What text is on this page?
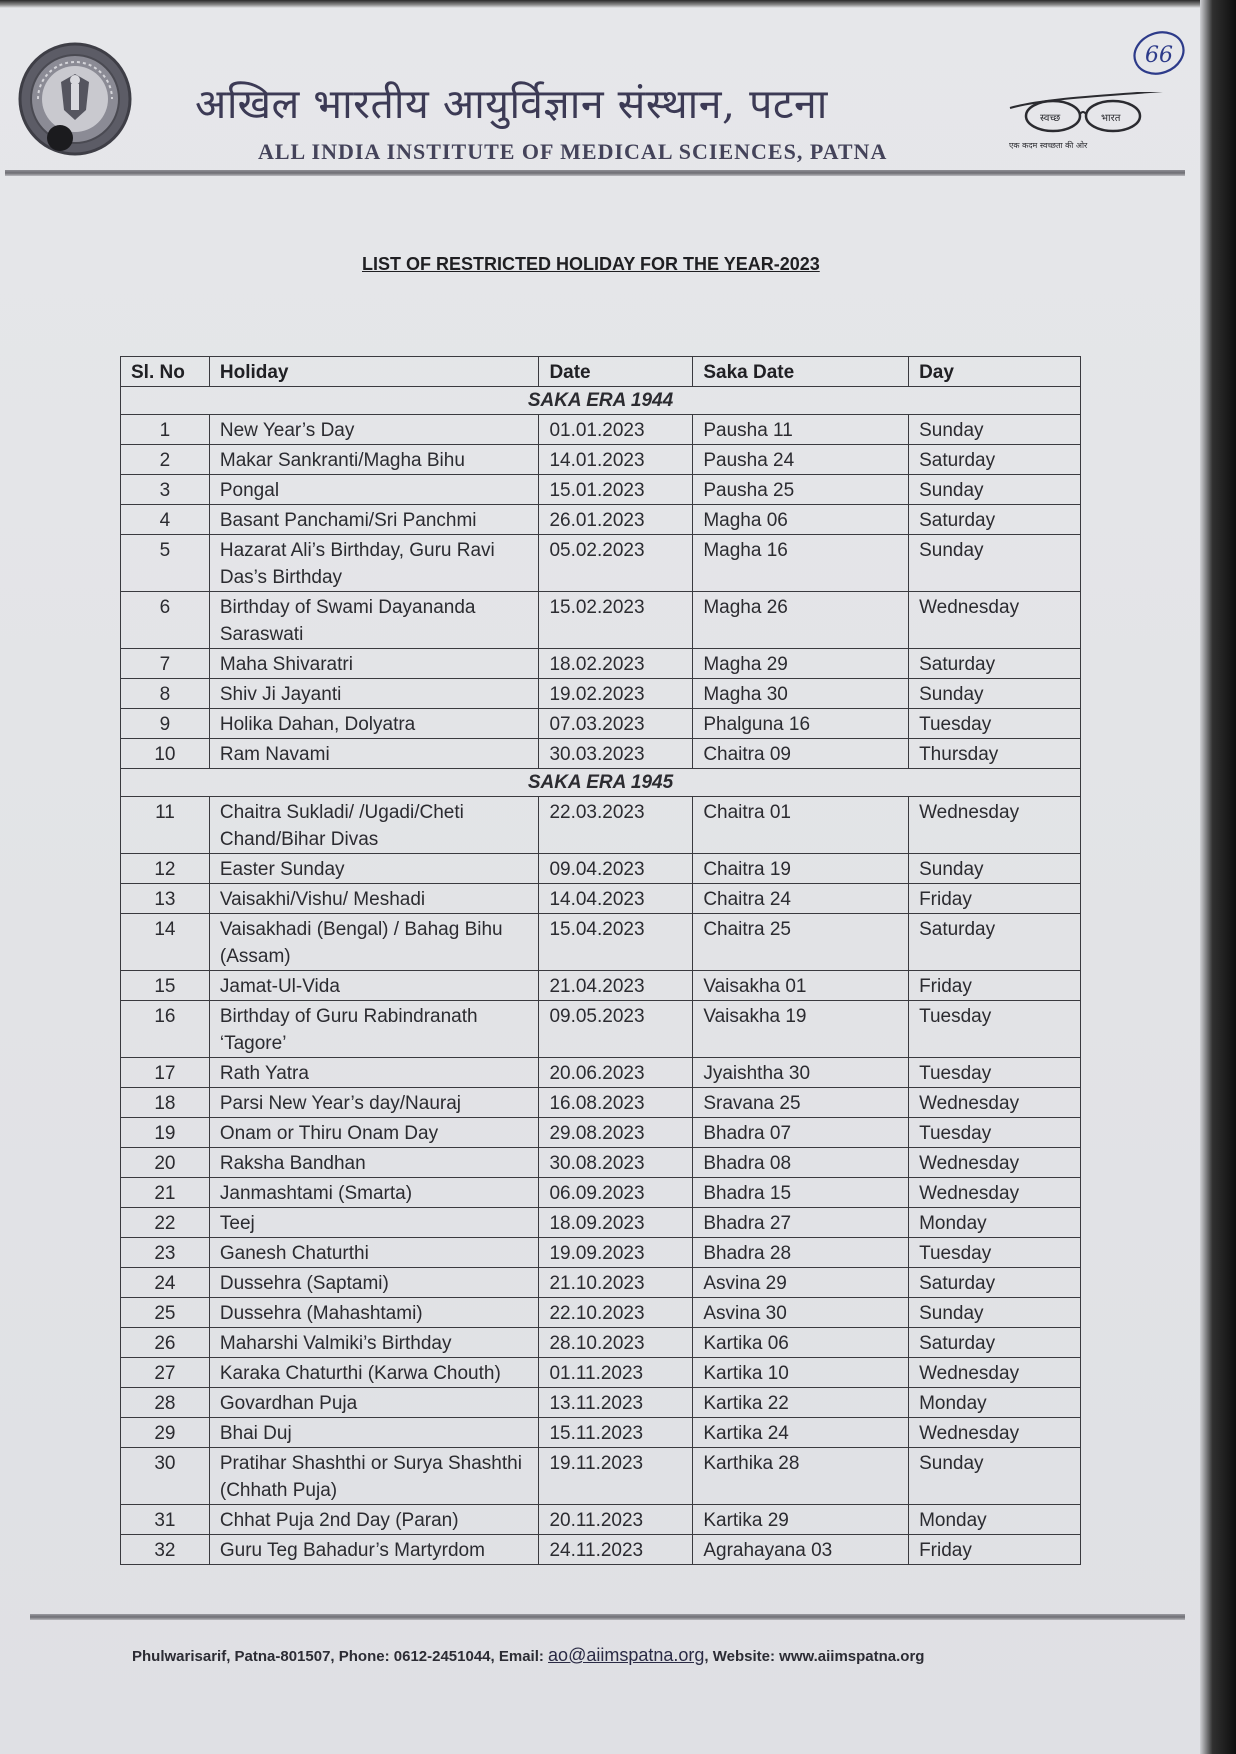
अखिल भारतीय आयुर्विज्ञान संस्थान, पटना
ALL INDIA INSTITUTE OF MEDICAL SCIENCES, PATNA
66
स्वच्छ	भारत
एक कदम स्वच्छता की ओर
LIST OF RESTRICTED HOLIDAY FOR THE YEAR-2023
Sl. No	Holiday	Date	Saka Date	Day
SAKA ERA 1944				
1	New Year’s Day	01.01.2023	Pausha 11	Sunday
2	Makar Sankranti/Magha Bihu	14.01.2023	Pausha 24	Saturday
3	Pongal	15.01.2023	Pausha 25	Sunday
4	Basant Panchami/Sri Panchmi	26.01.2023	Magha 06	Saturday
5	Hazarat Ali’s Birthday, Guru Ravi Das’s Birthday	05.02.2023	Magha 16	Sunday
6	Birthday of Swami Dayananda Saraswati	15.02.2023	Magha 26	Wednesday
7	Maha Shivaratri	18.02.2023	Magha 29	Saturday
8	Shiv Ji Jayanti	19.02.2023	Magha 30	Sunday
9	Holika Dahan, Dolyatra	07.03.2023	Phalguna 16	Tuesday
10	Ram Navami	30.03.2023	Chaitra 09	Thursday
SAKA ERA 1945				
11	Chaitra Sukladi/ /Ugadi/Cheti Chand/Bihar Divas	22.03.2023	Chaitra 01	Wednesday
12	Easter Sunday	09.04.2023	Chaitra 19	Sunday
13	Vaisakhi/Vishu/ Meshadi	14.04.2023	Chaitra 24	Friday
14	Vaisakhadi (Bengal) / Bahag Bihu (Assam)	15.04.2023	Chaitra 25	Saturday
15	Jamat-Ul-Vida	21.04.2023	Vaisakha 01	Friday
16	Birthday of Guru Rabindranath ‘Tagore’	09.05.2023	Vaisakha 19	Tuesday
17	Rath Yatra	20.06.2023	Jyaishtha 30	Tuesday
18	Parsi New Year’s day/Nauraj	16.08.2023	Sravana 25	Wednesday
19	Onam or Thiru Onam Day	29.08.2023	Bhadra 07	Tuesday
20	Raksha Bandhan	30.08.2023	Bhadra 08	Wednesday
21	Janmashtami (Smarta)	06.09.2023	Bhadra 15	Wednesday
22	Teej	18.09.2023	Bhadra 27	Monday
23	Ganesh Chaturthi	19.09.2023	Bhadra 28	Tuesday
24	Dussehra (Saptami)	21.10.2023	Asvina 29	Saturday
25	Dussehra (Mahashtami)	22.10.2023	Asvina 30	Sunday
26	Maharshi Valmiki’s Birthday	28.10.2023	Kartika 06	Saturday
27	Karaka Chaturthi (Karwa Chouth)	01.11.2023	Kartika 10	Wednesday
28	Govardhan Puja	13.11.2023	Kartika 22	Monday
29	Bhai Duj	15.11.2023	Kartika 24	Wednesday
30	Pratihar Shashthi or Surya Shashthi (Chhath Puja)	19.11.2023	Karthika 28	Sunday
31	Chhat Puja 2nd Day (Paran)	20.11.2023	Kartika 29	Monday
32	Guru Teg Bahadur’s Martyrdom	24.11.2023	Agrahayana 03	Friday
Phulwarisarif, Patna-801507, Phone: 0612-2451044, Email: ao@aiimspatna.org, Website: www.aiimspatna.org
